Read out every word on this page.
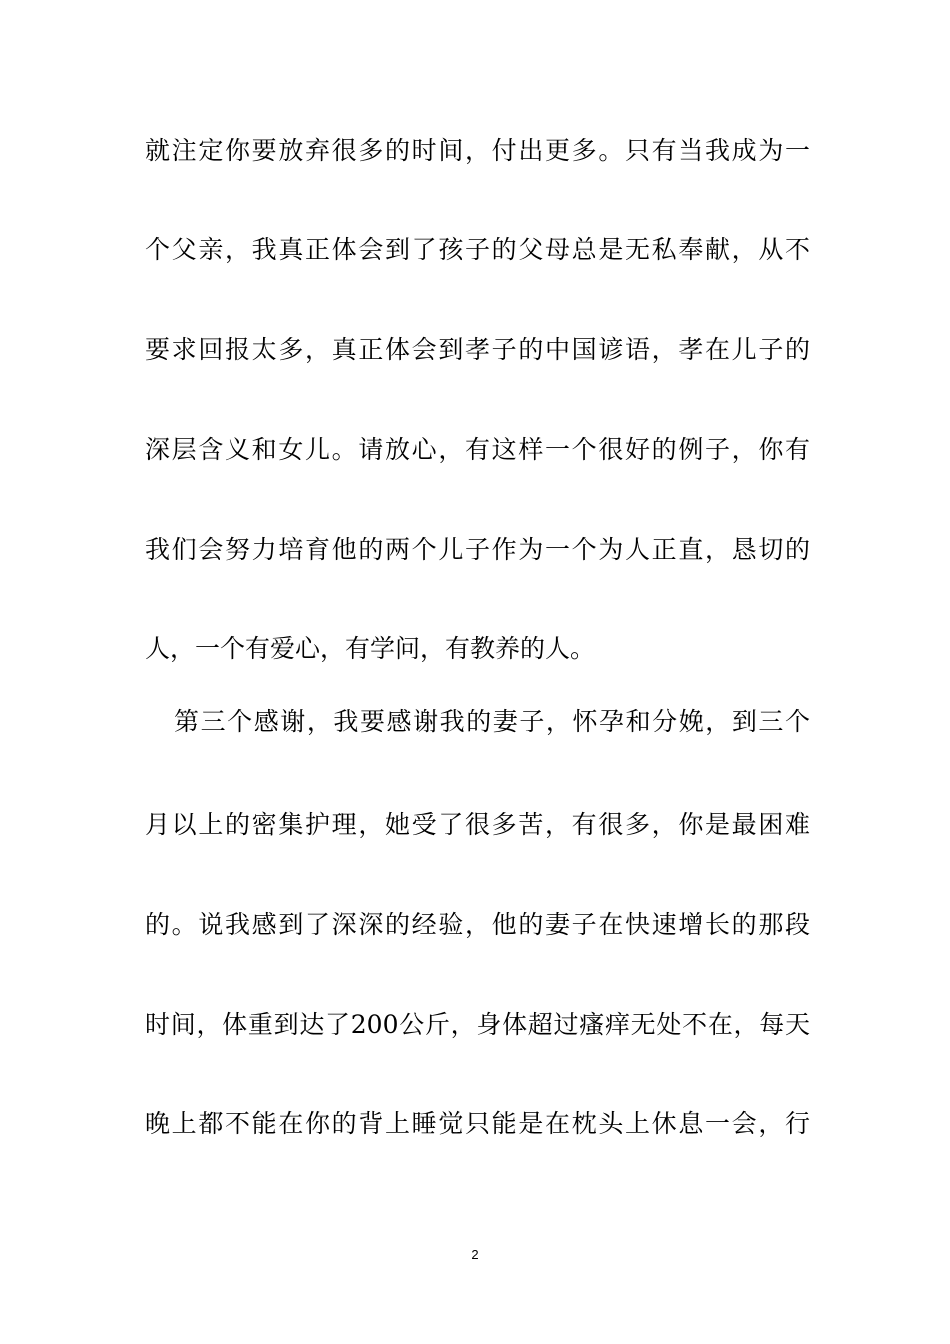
就注定你要放弃很多的时间，付出更多。只有当我成为一
个父亲，我真正体会到了孩子的父母总是无私奉献，从不
要求回报太多，真正体会到孝子的中国谚语，孝在儿子的
深层含义和女儿。请放心，有这样一个很好的例子，你有
我们会努力培育他的两个儿子作为一个为人正直，恳切的
人，一个有爱心，有学问，有教养的人。
第三个感谢，我要感谢我的妻子，怀孕和分娩，到三个
月以上的密集护理，她受了很多苦，有很多，你是最困难
的。说我感到了深深的经验，他的妻子在快速增长的那段
时间，体重到达了200公斤，身体超过瘙痒无处不在，每天
晚上都不能在你的背上睡觉只能是在枕头上休息一会，行
2
